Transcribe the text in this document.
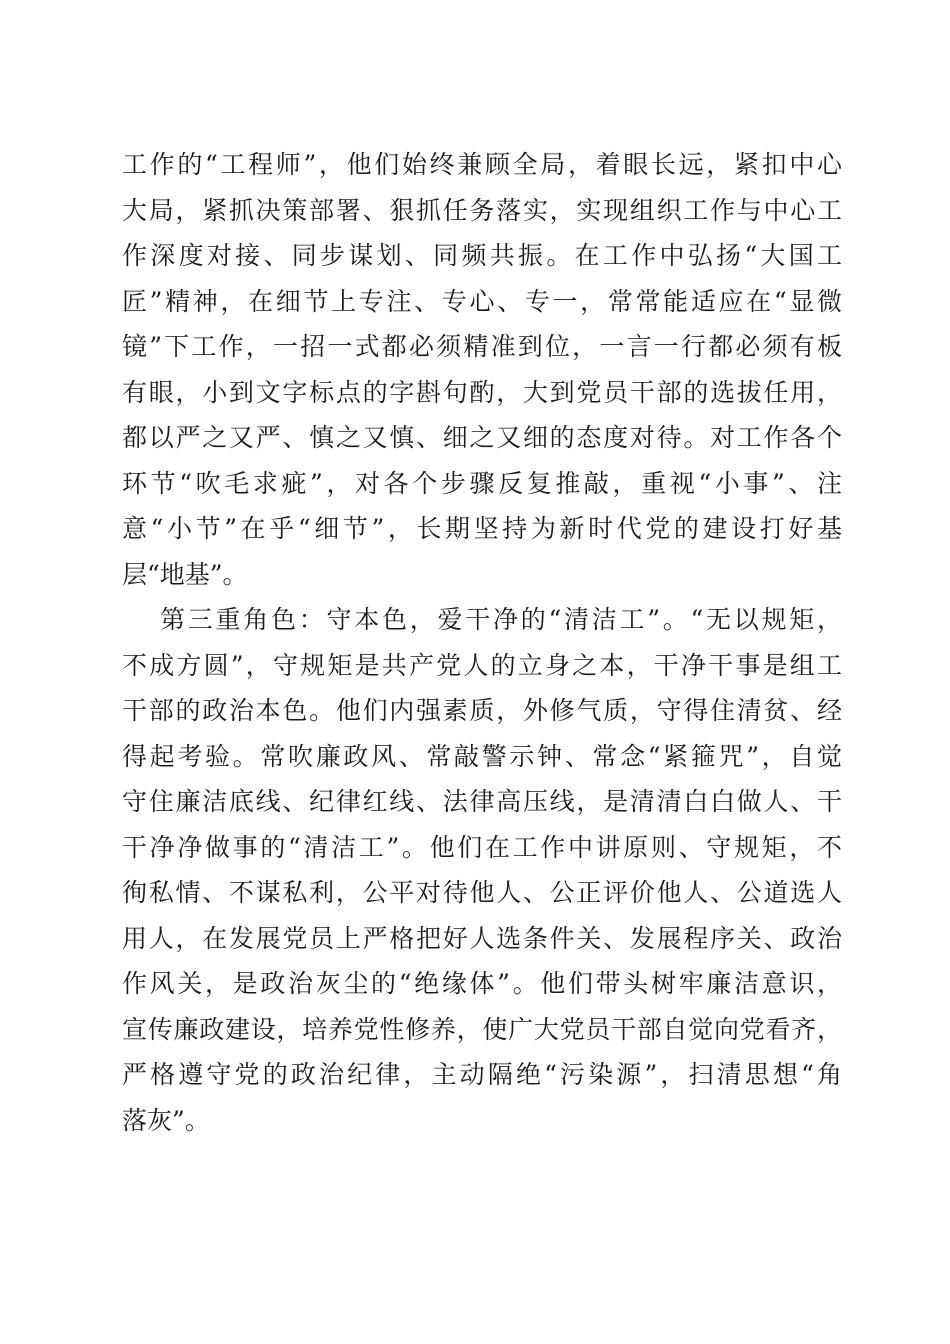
工作的“工程师”，他们始终兼顾全局，着眼长远，紧扣中心
大局，紧抓决策部署、狠抓任务落实，实现组织工作与中心工
作深度对接、同步谋划、同频共振。在工作中弘扬“大国工
匠”精神，在细节上专注、专心、专一，常常能适应在“显微
镜”下工作，一招一式都必须精准到位，一言一行都必须有板
有眼，小到文字标点的字斟句酌，大到党员干部的选拔任用，
都以严之又严、慎之又慎、细之又细的态度对待。对工作各个
环节“吹毛求疵”，对各个步骤反复推敲，重视“小事”、注
意“小节”在乎“细节”，长期坚持为新时代党的建设打好基
层“地基”。
第三重角色：守本色，爱干净的“清洁工”。“无以规矩，
不成方圆”，守规矩是共产党人的立身之本，干净干事是组工
干部的政治本色。他们内强素质，外修气质，守得住清贫、经
得起考验。常吹廉政风、常敲警示钟、常念“紧箍咒”，自觉
守住廉洁底线、纪律红线、法律高压线，是清清白白做人、干
干净净做事的“清洁工”。他们在工作中讲原则、守规矩，不
徇私情、不谋私利，公平对待他人、公正评价他人、公道选人
用人，在发展党员上严格把好人选条件关、发展程序关、政治
作风关，是政治灰尘的“绝缘体”。他们带头树牢廉洁意识，
宣传廉政建设，培养党性修养，使广大党员干部自觉向党看齐，
严格遵守党的政治纪律，主动隔绝“污染源”，扫清思想“角
落灰”。
